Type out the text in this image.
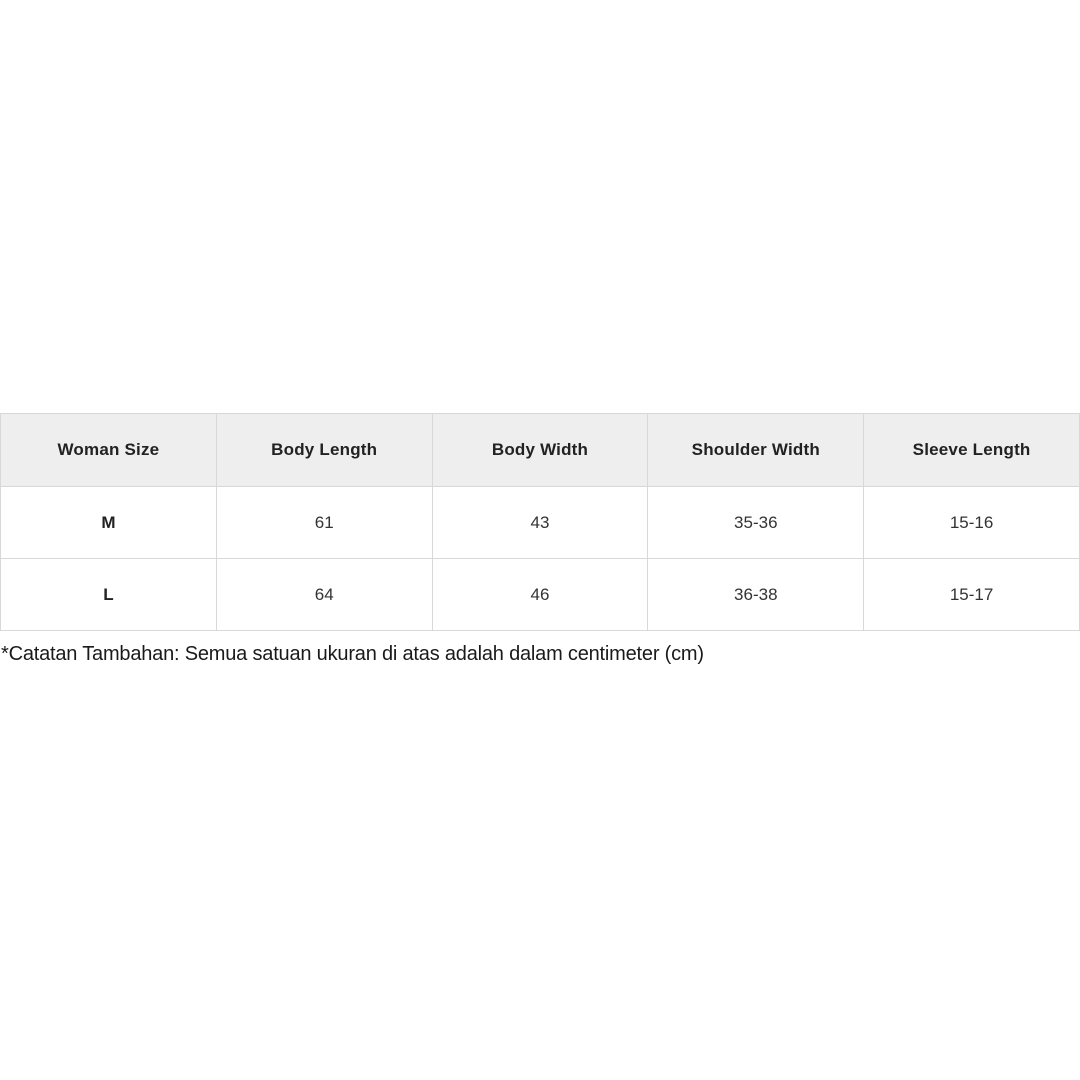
Woman Size	Body Length	Body Width	Shoulder Width	Sleeve Length
M	61	43	35-36	15-16
L	64	46	36-38	15-17
*Catatan Tambahan: Semua satuan ukuran di atas adalah dalam centimeter (cm)
